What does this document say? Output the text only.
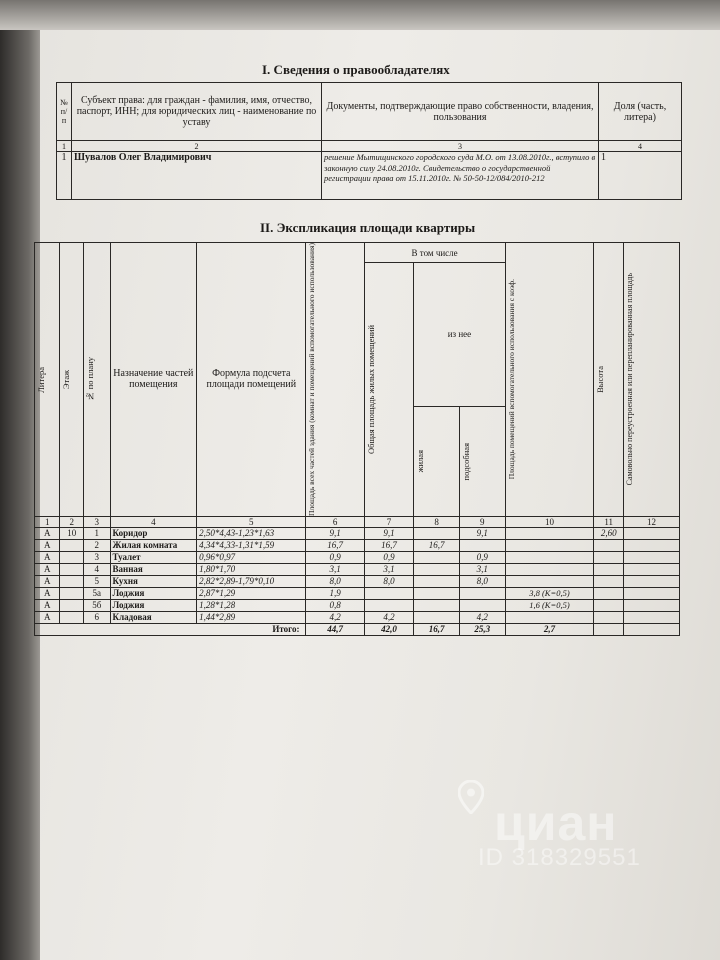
I. Сведения о правообладателях
№ п/п	Субъект права: для граждан - фамилия, имя, отчество, паспорт, ИНН; для юридических лиц - наименование по уставу	Документы, подтверждающие право собственности, владения, пользования	Доля (часть, литера)
1	2	3	4
1	Шувалов Олег Владимирович	решение Мытищинского городского суда М.О. от 13.08.2010г., вступило в законную силу 24.08.2010г. Свидетельство о государственной регистрации права от 15.11.2010г. № 50-50-12/084/2010-212	1
II. Экспликация площади квартиры
Литера	Этаж	№ по плану	Назначение частей помещения	Формула подсчета площади помещений	Площадь всех частей здания (комнат и помещений вспомогательного использования)	В том числе			Площадь помещений вспомогательного использования с коэф.	Высота	Самовольно переустроенная или перепланированная площадь

						Общая площадь жилых помещений	из нее				

							жилая	подсобная			

1	2	3	4	5	6	7	8	9	10	11	12
А	10	1	Коридор	2,50*4,43-1,23*1,63	9,1	9,1		9,1		2,60	
А		2	Жилая комната	4,34*4,33-1,31*1,59	16,7	16,7	16,7				
А		3	Туалет	0,96*0,97	0,9	0,9		0,9			
А		4	Ванная	1,80*1,70	3,1	3,1		3,1			
А		5	Кухня	2,82*2,89-1,79*0,10	8,0	8,0		8,0			
А		5а	Лоджия	2,87*1,29	1,9				3,8 (K=0,5)		
А		5б	Лоджия	1,28*1,28	0,8				1,6 (K=0,5)		
А		6	Кладовая	1,44*2,89	4,2	4,2		4,2			
Итого:					44,7	42,0	16,7	25,3	2,7		
циан
ID 318329551
